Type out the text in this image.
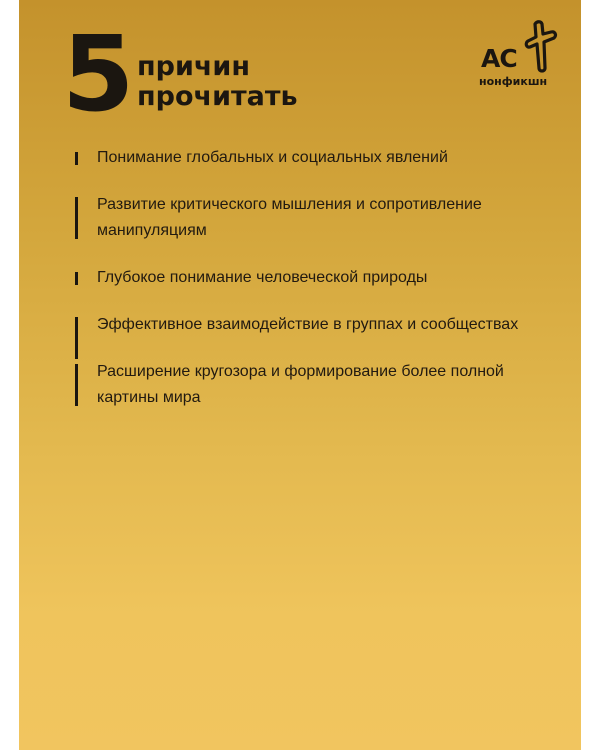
5 причин
прочитать
АС
нонфикшн
Понимание глобальных и социальных явлений
Развитие критического мышления и сопротивление манипуляциям
Глубокое понимание человеческой природы
Эффективное взаимодействие в группах и сообществах
Расширение кругозора и формирование более полной картины мира
